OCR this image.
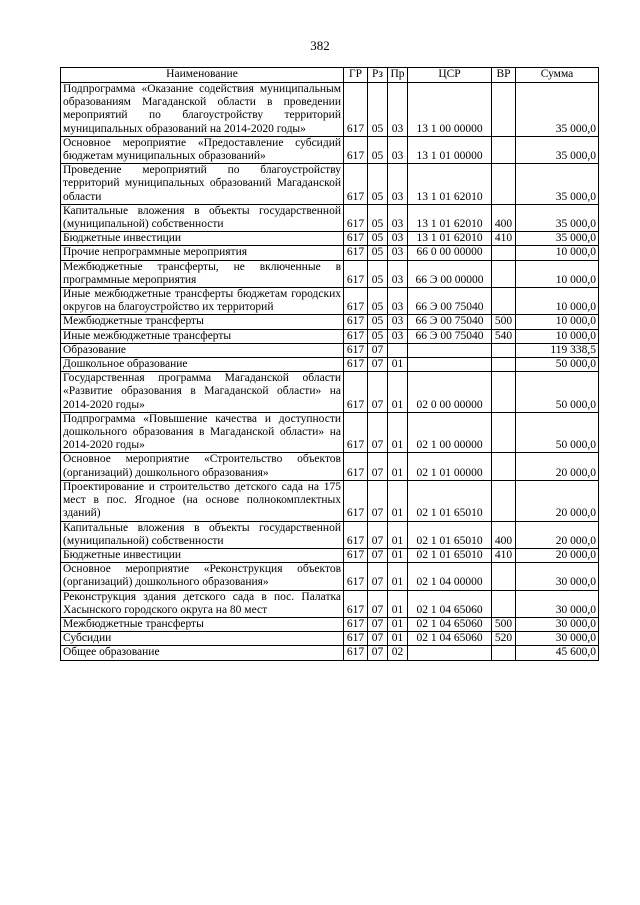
382
Наименование	ГР	Рз	Пр	ЦСР	ВР	Сумма
Подпрограмма «Оказание содействия муниципальным образованиям Магаданской области в проведении мероприятий по благоустройству территорий муниципальных образований на 2014-2020 годы»	617	05	03	13 1 00 00000		35 000,0
Основное мероприятие «Предоставление субсидий бюджетам муниципальных образований»	617	05	03	13 1 01 00000		35 000,0
Проведение мероприятий по благоустройству территорий муниципальных образований Магаданской области	617	05	03	13 1 01 62010		35 000,0
Капитальные вложения в объекты государственной (муниципальной) собственности	617	05	03	13 1 01 62010	400	35 000,0
Бюджетные инвестиции	617	05	03	13 1 01 62010	410	35 000,0
Прочие непрограммные мероприятия	617	05	03	66 0 00 00000		10 000,0
Межбюджетные трансферты, не включенные в программные мероприятия	617	05	03	66 Э 00 00000		10 000,0
Иные межбюджетные трансферты бюджетам городских округов на благоустройство их территорий	617	05	03	66 Э 00 75040		10 000,0
Межбюджетные трансферты	617	05	03	66 Э 00 75040	500	10 000,0
Иные межбюджетные трансферты	617	05	03	66 Э 00 75040	540	10 000,0
Образование	617	07				119 338,5
Дошкольное образование	617	07	01			50 000,0
Государственная программа Магаданской области «Развитие образования в Магаданской области» на 2014-2020 годы»	617	07	01	02 0 00 00000		50 000,0
Подпрограмма «Повышение качества и доступности дошкольного образования в Магаданской области» на 2014-2020 годы»	617	07	01	02 1 00 00000		50 000,0
Основное мероприятие «Строительство объектов (организаций) дошкольного образования»	617	07	01	02 1 01 00000		20 000,0
Проектирование и строительство детского сада на 175 мест в пос. Ягодное (на основе полнокомплектных зданий)	617	07	01	02 1 01 65010		20 000,0
Капитальные вложения в объекты государственной (муниципальной) собственности	617	07	01	02 1 01 65010	400	20 000,0
Бюджетные инвестиции	617	07	01	02 1 01 65010	410	20 000,0
Основное мероприятие «Реконструкция объектов (организаций) дошкольного образования»	617	07	01	02 1 04 00000		30 000,0
Реконструкция здания детского сада в пос. Палатка Хасынского городского округа на 80 мест	617	07	01	02 1 04 65060		30 000,0
Межбюджетные трансферты	617	07	01	02 1 04 65060	500	30 000,0
Субсидии	617	07	01	02 1 04 65060	520	30 000,0
Общее образование	617	07	02			45 600,0
